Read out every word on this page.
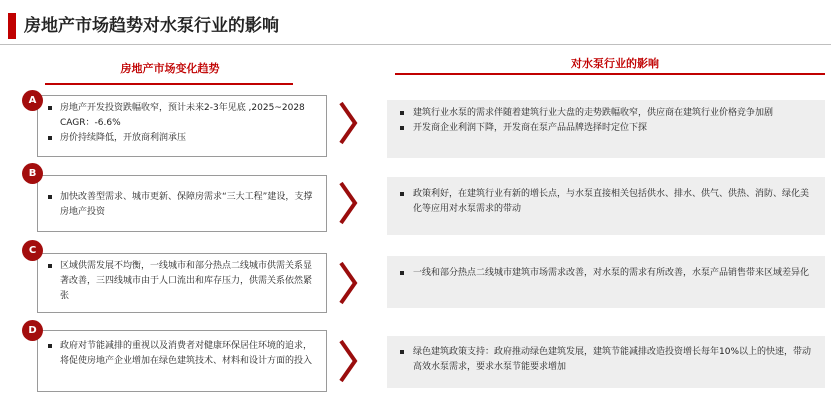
房地产市场趋势对水泵行业的影响
房地产市场变化趋势	对水泵行业的影响
房地产开发投资跌幅收窄，预计未来2-3年见底 ,2025~2028 CAGR：-6.6%
房价持续降低，开放商利润承压
A
建筑行业水泵的需求伴随着建筑行业大盘的走势跌幅收窄，供应商在建筑行业价格竞争加剧
开发商企业利润下降，开发商在泵产品品牌选择时定位下探
加快改善型需求、城市更新、保障房需求“三大工程”建设，支撑房地产投资
B
政策利好，在建筑行业有新的增长点，与水泵直接相关包括供水、排水、供气、供热、消防、绿化美化等应用对水泵需求的带动
区域供需发展不均衡，一线城市和部分热点二线城市供需关系显著改善，三四线城市由于人口流出和库存压力，供需关系依然紧张
C
一线和部分热点二线城市建筑市场需求改善，对水泵的需求有所改善，水泵产品销售带来区域差异化
政府对节能减排的重视以及消费者对健康环保居住环境的追求，将促使房地产企业增加在绿色建筑技术、材料和设计方面的投入
D
绿色建筑政策支持：政府推动绿色建筑发展，建筑节能减排改造投资增长每年10%以上的快速，带动高效水泵需求，要求水泵节能要求增加
